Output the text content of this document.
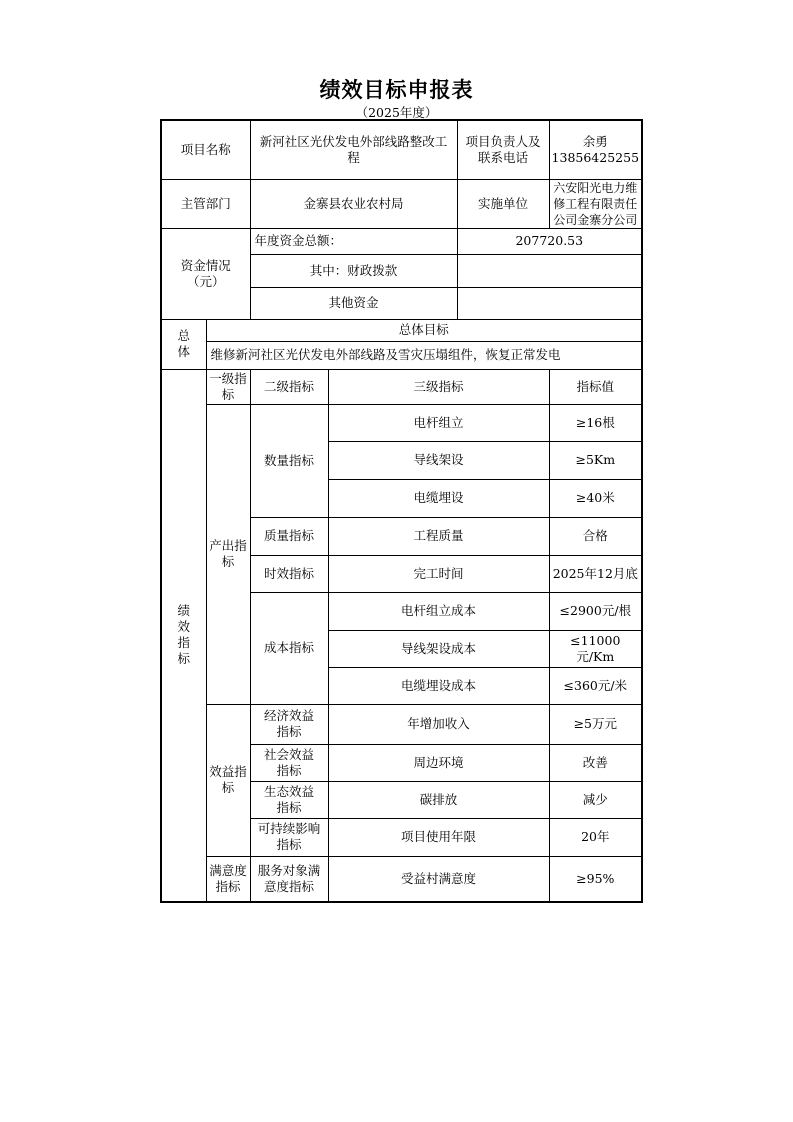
绩效目标申报表
（2025年度）
项目名称		新河社区光伏发电外部线路整改工程		项目负责人及联系电话	余勇13856425255
主管部门		金寨县农业农村局		实施单位	六安阳光电力维修工程有限责任公司金寨分公司
资金情况（元）		年度资金总额：		207720.53	
		其中：财政拨款			
		其他资金			
总体	总体目标				
	维修新河社区光伏发电外部线路及雪灾压塌组件，恢复正常发电				
绩效指标	一级指标	二级指标	三级指标		指标值
	产出指标	数量指标	电杆组立		≥16根
			导线架设		≥5Km
			电缆埋设		≥40米
		质量指标	工程质量		合格
		时效指标	完工时间		2025年12月底
		成本指标	电杆组立成本		≤2900元/根
			导线架设成本		≤11000元/Km
			电缆埋设成本		≤360元/米
	效益指标	经济效益指标	年增加收入		≥5万元
		社会效益指标	周边环境		改善
		生态效益指标	碳排放		减少
		可持续影响指标	项目使用年限		20年
	满意度指标	服务对象满意度指标	受益村满意度		≥95%
